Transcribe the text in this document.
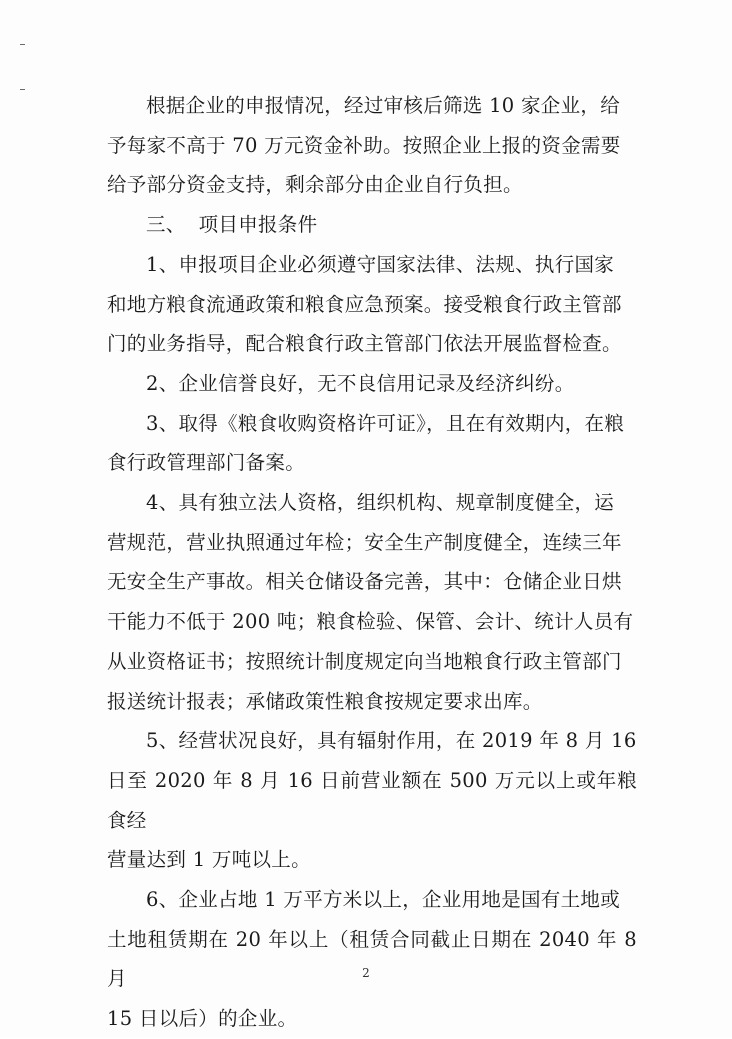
根据企业的申报情况，经过审核后筛选 10 家企业，给
予每家不高于 70 万元资金补助。按照企业上报的资金需要
给予部分资金支持，剩余部分由企业自行负担。

三、  项目申报条件

1、申报项目企业必须遵守国家法律、法规、执行国家
和地方粮食流通政策和粮食应急预案。接受粮食行政主管部
门的业务指导，配合粮食行政主管部门依法开展监督检查。

2、企业信誉良好，无不良信用记录及经济纠纷。

3、取得《粮食收购资格许可证》，且在有效期内，在粮
食行政管理部门备案。

4、具有独立法人资格，组织机构、规章制度健全，运
营规范，营业执照通过年检；安全生产制度健全，连续三年
无安全生产事故。相关仓储设备完善，其中：仓储企业日烘
干能力不低于 200 吨；粮食检验、保管、会计、统计人员有
从业资格证书；按照统计制度规定向当地粮食行政主管部门
报送统计报表；承储政策性粮食按规定要求出库。

5、经营状况良好，具有辐射作用，在 2019 年 8 月 16
日至 2020 年 8 月 16 日前营业额在 500 万元以上或年粮食经
营量达到 1 万吨以上。

6、企业占地 1 万平方米以上，企业用地是国有土地或
土地租赁期在 20 年以上（租赁合同截止日期在 2040 年 8 月
15 日以后）的企业。

2
